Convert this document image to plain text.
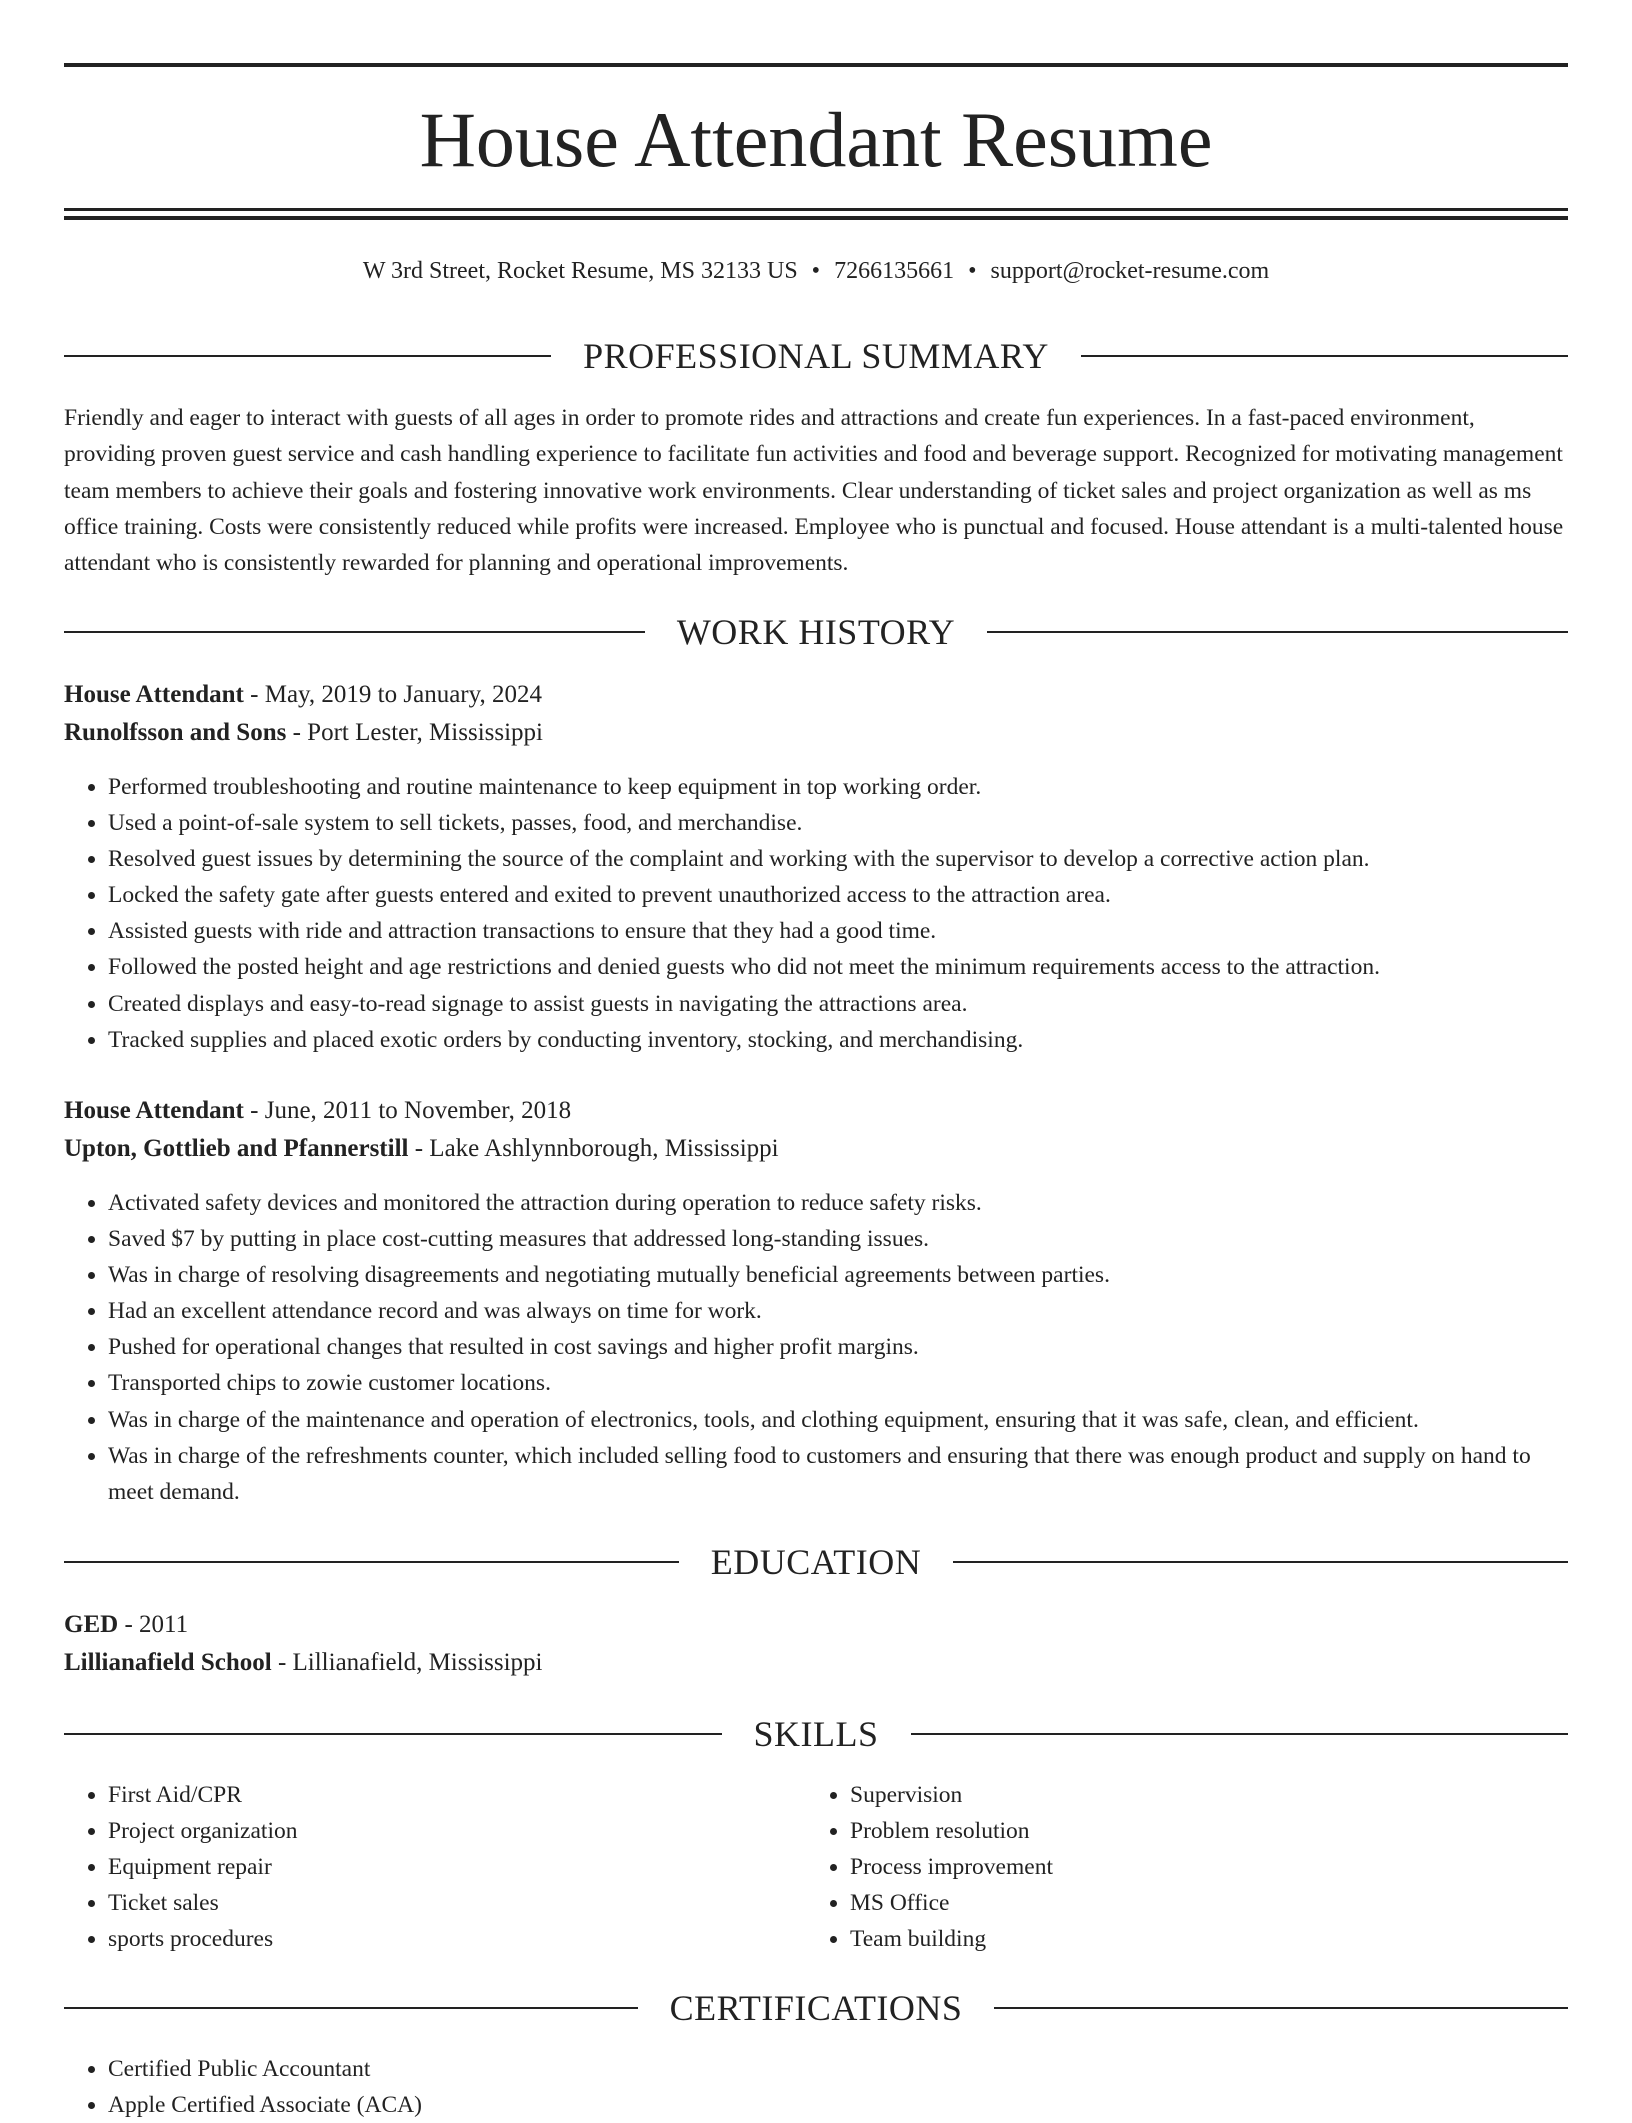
House Attendant Resume
W 3rd Street, Rocket Resume, MS 32133 US • 7266135661 • support@rocket-resume.com
PROFESSIONAL SUMMARY

Friendly and eager to interact with guests of all ages in order to promote rides and attractions and create fun experiences. In a fast-paced environment, providing proven guest service and cash handling experience to facilitate fun activities and food and beverage support. Recognized for motivating management team members to achieve their goals and fostering innovative work environments. Clear understanding of ticket sales and project organization as well as ms office training. Costs were consistently reduced while profits were increased. Employee who is punctual and focused. House attendant is a multi-talented house attendant who is consistently rewarded for planning and operational improvements.

WORK HISTORY

House Attendant - May, 2019 to January, 2024

Runolfsson and Sons - Port Lester, Mississippi

• Performed troubleshooting and routine maintenance to keep equipment in top working order.
• Used a point-of-sale system to sell tickets, passes, food, and merchandise.
• Resolved guest issues by determining the source of the complaint and working with the supervisor to develop a corrective action plan.
• Locked the safety gate after guests entered and exited to prevent unauthorized access to the attraction area.
• Assisted guests with ride and attraction transactions to ensure that they had a good time.
• Followed the posted height and age restrictions and denied guests who did not meet the minimum requirements access to the attraction.
• Created displays and easy-to-read signage to assist guests in navigating the attractions area.
• Tracked supplies and placed exotic orders by conducting inventory, stocking, and merchandising.

House Attendant - June, 2011 to November, 2018

Upton, Gottlieb and Pfannerstill - Lake Ashlynnborough, Mississippi

• Activated safety devices and monitored the attraction during operation to reduce safety risks.
• Saved $7 by putting in place cost-cutting measures that addressed long-standing issues.
• Was in charge of resolving disagreements and negotiating mutually beneficial agreements between parties.
• Had an excellent attendance record and was always on time for work.
• Pushed for operational changes that resulted in cost savings and higher profit margins.
• Transported chips to zowie customer locations.
• Was in charge of the maintenance and operation of electronics, tools, and clothing equipment, ensuring that it was safe, clean, and efficient.
• Was in charge of the refreshments counter, which included selling food to customers and ensuring that there was enough product and supply on hand to meet demand.
EDUCATION

GED - 2011

Lillianafield School - Lillianafield, Mississippi

SKILLS
• First Aid/CPR
• Project organization
• Equipment repair
• Ticket sales
• sports procedures
• Supervision
• Problem resolution
• Process improvement
• MS Office
• Team building
CERTIFICATIONS
• Certified Public Accountant
• Apple Certified Associate (ACA)
